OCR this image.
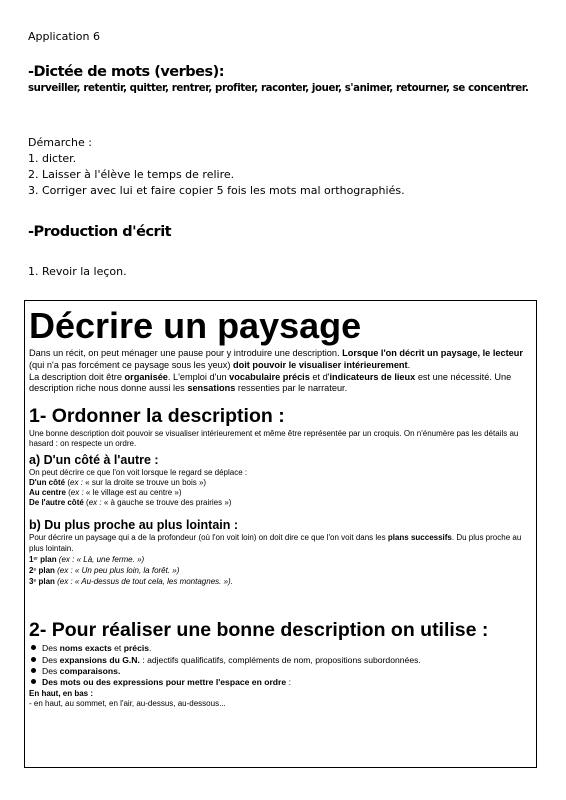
Application 6
-Dictée de mots (verbes):
surveiller, retentir, quitter, rentrer, profiter, raconter, jouer, s'animer, retourner, se concentrer.
Démarche :
1. dicter.
2. Laisser à l'élève le temps de relire.
3. Corriger avec lui et faire copier 5 fois les mots mal orthographiés.
-Production d'écrit
1. Revoir la leçon.
Décrire un paysage

Dans un récit, on peut ménager une pause pour y introduire une description. Lorsque l'on décrit un paysage, le lecteur (qui n'a pas forcément ce paysage sous les yeux) doit pouvoir le visualiser intérieurement.

La description doit être organisée. L'emploi d'un vocabulaire précis et d'indicateurs de lieux est une nécessité. Une description riche nous donne aussi les sensations ressenties par le narrateur.

1- Ordonner la description :

Une bonne description doit pouvoir se visualiser intérieurement et même être représentée par un croquis. On n'énumère pas les détails au hasard : on respecte un ordre.

a) D'un côté à l'autre :

On peut décrire ce que l'on voit lorsque le regard se déplace :

D'un côté (ex : « sur la droite se trouve un bois »)

Au centre (ex : « le village est au centre »)

De l'autre côté (ex : « à gauche se trouve des prairies »)

b) Du plus proche au plus lointain :

Pour décrire un paysage qui a de la profondeur (où l'on voit loin) on doit dire ce que l'on voit dans les plans successifs. Du plus proche au plus lointain.

1er plan (ex : « Là, une ferme. »)

2e plan (ex : « Un peu plus loin, la forêt. »)

3e plan (ex : « Au-dessus de tout cela, les montagnes. »).

2- Pour réaliser une bonne description on utilise :

Des noms exacts et précis.

Des expansions du G.N. : adjectifs qualificatifs, compléments de nom, propositions subordonnées.

Des comparaisons.

Des mots ou des expressions pour mettre l'espace en ordre :

En haut, en bas :

- en haut, au sommet, en l'air, au-dessus, au-dessous...
